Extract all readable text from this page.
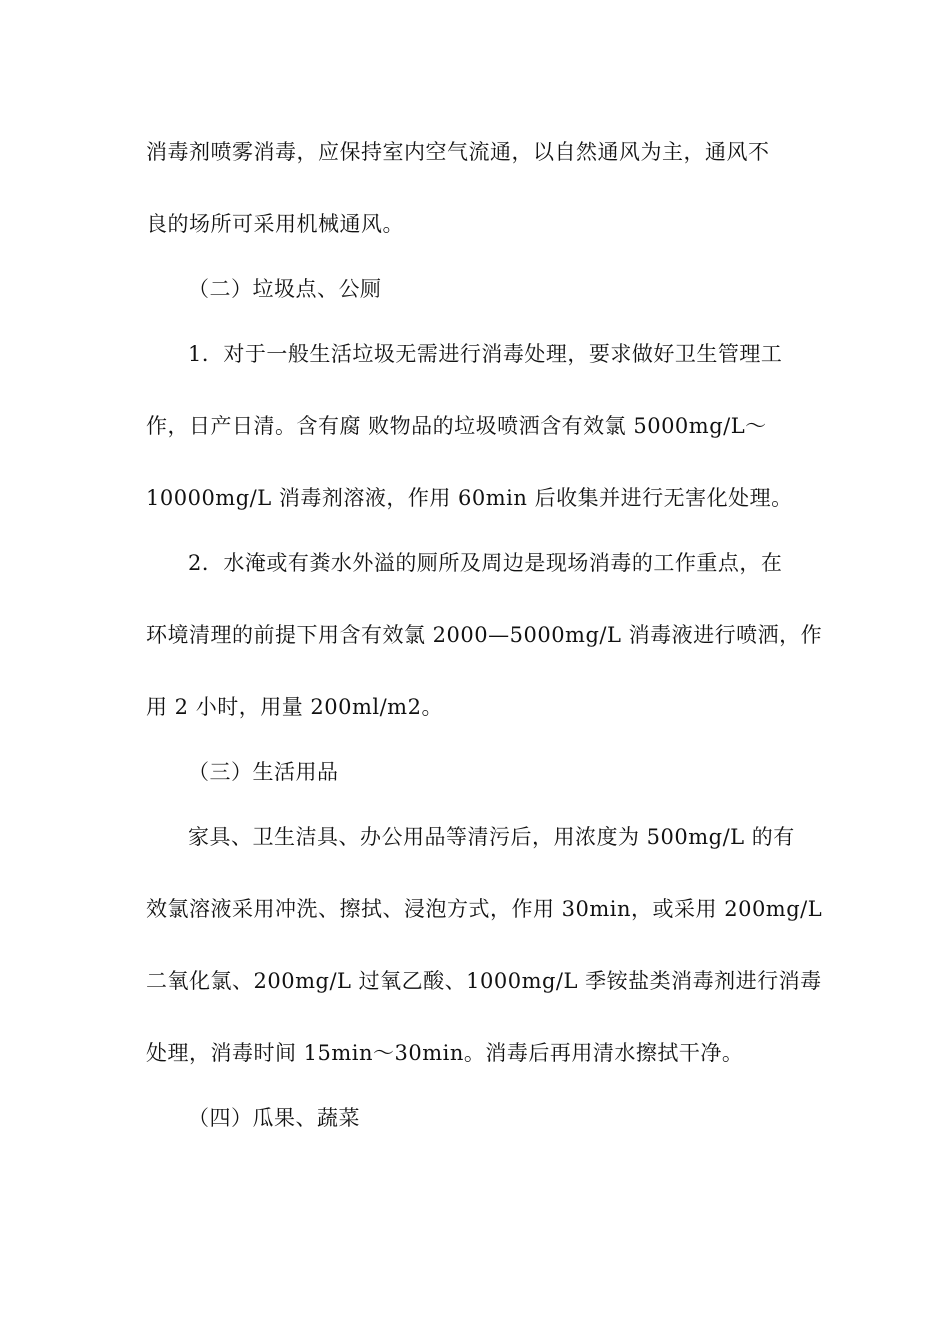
消毒剂喷雾消毒，应保持室内空气流通，以自然通风为主，通风不
良的场所可采用机械通风。
（二）垃圾点、公厕
1．对于一般生活垃圾无需进行消毒处理，要求做好卫生管理工
作，日产日清。含有腐 败物品的垃圾喷洒含有效氯 5000mg/L～
10000mg/L 消毒剂溶液，作用 60min 后收集并进行无害化处理。
2．水淹或有粪水外溢的厕所及周边是现场消毒的工作重点，在
环境清理的前提下用含有效氯 2000—5000mg/L 消毒液进行喷洒，作
用 2 小时，用量 200ml/m2。
（三）生活用品
家具、卫生洁具、办公用品等清污后，用浓度为 500mg/L 的有
效氯溶液采用冲洗、擦拭、浸泡方式，作用 30min，或采用 200mg/L
二氧化氯、200mg/L 过氧乙酸、1000mg/L 季铵盐类消毒剂进行消毒
处理，消毒时间 15min～30min。消毒后再用清水擦拭干净。
（四）瓜果、蔬菜
